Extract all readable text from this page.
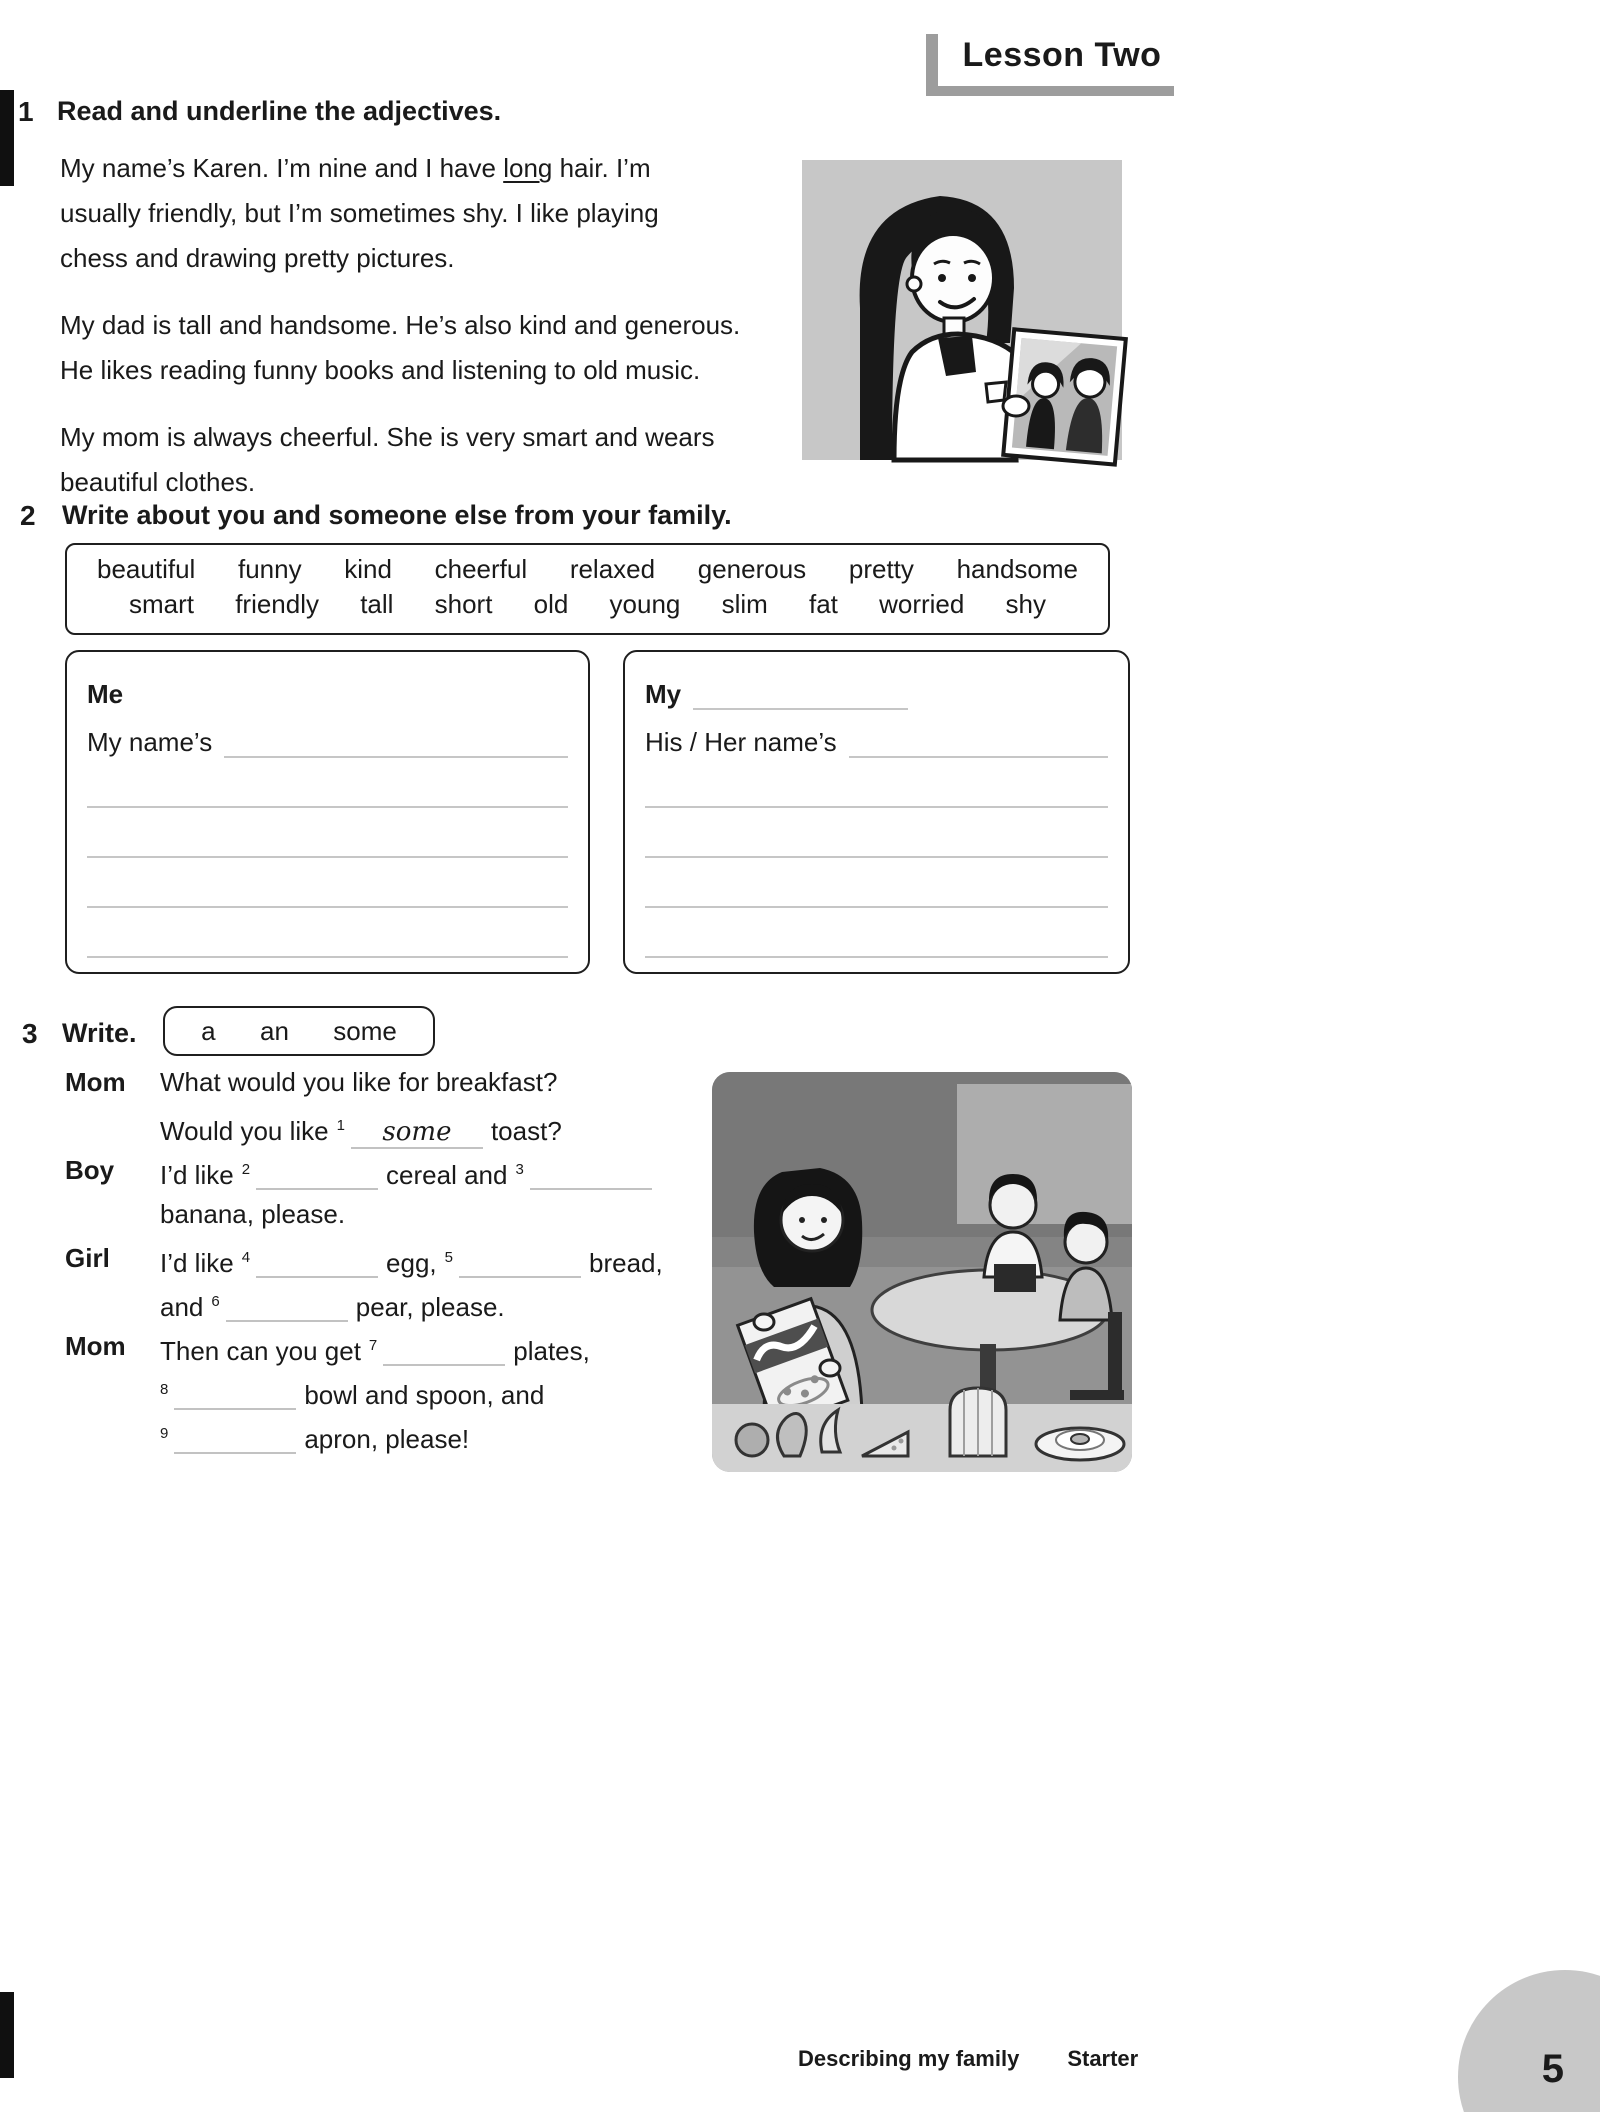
Lesson Two
1 Read and underline the adjectives.
My name’s Karen. I’m nine and I have long hair. I’m
usually friendly, but I’m sometimes shy. I like playing
chess and drawing pretty pictures.
My dad is tall and handsome. He’s also kind and generous.
He likes reading funny books and listening to old music.
My mom is always cheerful. She is very smart and wears
beautiful clothes.
2 Write about you and someone else from your family.
beautiful funny kind cheerful relaxed generous pretty handsome
smart friendly tall short old young slim fat worried shy
Me
My name’s
My
His / Her name’s
3 Write. a an some
Mom	What would you like for breakfast?
Would you like $^1$ some toast?
Boy	I’d like $^2$	cereal and $^3$
banana, please.
Girl	I’d like $^4$	egg, $^5$	bread,
and $^6$	pear, please.
Mom	Then can you get $^7$	plates,
$^8$	bowl and spoon, and
$^9$	apron, please!
Describing my family Starter	5
